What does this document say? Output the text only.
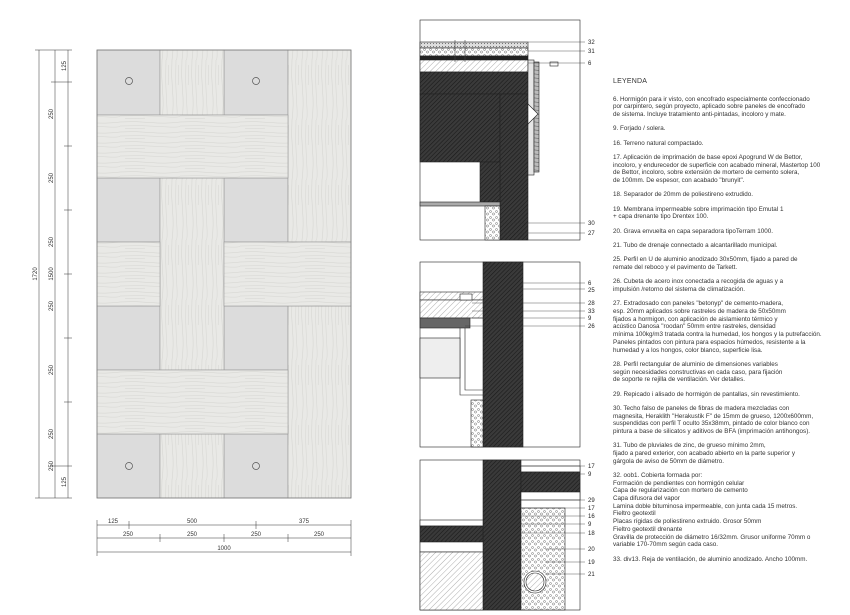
1720 1500
125
250
250
250
250
250
250
250
125
125	500	375
250	250	250	250
1000
32
31
6
30
27
6
25
28
33
9
26
17
9
29
17
16
9
18
20
19
21
LEYENDA
6. Hormigón para ir visto, con encofrado especialmente confeccionado
por carpintero, según proyecto, aplicado sobre paneles de encofrado
de sistema. Incluye tratamiento anti-pintadas, incoloro y mate.
9. Forjado / solera.
16. Terreno natural compactado.
17. Aplicación de imprimación de base epoxi Apogrund W de Bettor,
incoloro, y endurecedor de superficie con acabado mineral, Mastertop 100
de Bettor, incoloro, sobre extensión de mortero de cemento solera,
de 100mm. De espesor, con acabado "brunyit".
18. Separador de 20mm de poliestireno extrudido.
19. Membrana impermeable sobre imprimación tipo Emutal 1
+ capa drenante tipo Drentex 100.
20. Grava envuelta en capa separadora tipoTerram 1000.
21. Tubo de drenaje connectado a alcantarillado municipal.
25. Perfil en U de aluminio anodizado 30x50mm, fijado a pared de
remate del reboco y el pavimento de Tarkett.
26. Cubeta de acero inox conectada a recogida de aguas y a
impulsión /retorno del sistema de climatización.
27. Extradosado con paneles "betonyp" de cemento-madera,
esp. 20mm aplicados sobre rastreles de madera de 50x50mm
fijados a hormigon, con aplicación de aislamiento térmico y
acústico Danosa "roodan" 50mm entre rastreles, densidad
mínima 100kg/m3 tratada contra la humedad, los hongos y la putrefacción.
Paneles pintados con pintura para espacios húmedos, resistente a la
humedad y a los hongos, color blanco, superficie lisa.
28. Perfil rectangular de aluminio de dimensiones variables
según necesidades constructivas en cada caso, para fijación
de soporte re rejilla de ventilación. Ver detalles.
29. Repicado i alisado de hormigón de pantallas, sin revestimiento.
30. Techo falso de paneles de fibras de madera mezcladas con
magnesita, Heraklith "Herakustik F" de 15mm de grueso, 1200x600mm,
suspendidas con perfil T oculto 35x38mm, pintado de color blanco con
pintura a base de silicatos y aditivos de BFA (imprimación antihongos).
31. Tubo de pluviales de zinc, de grueso mínimo 2mm,
fijado a pared exterior, con acabado abierto en la parte superior y
gárgola de aviso de 50mm de diámetro.
32. oob1. Cobierta formada por:
Formación de pendientes con hormigón celular
Capa de regularización con mortero de cemento
Capa difusora del vapor
Lamina doble bituminosa impermeable, con junta cada 15 metros.
Fieltro geotextil
Placas rígidas de poliestireno extruido. Grosor 50mm
Fieltro geotextil drenante
Gravilla de protección de diámetro 16/32mm. Grusor uniforme 70mm o
variable 170-70mm según cada caso.
33. div13. Reja de ventilación, de aluminio anodizado. Ancho 100mm.
